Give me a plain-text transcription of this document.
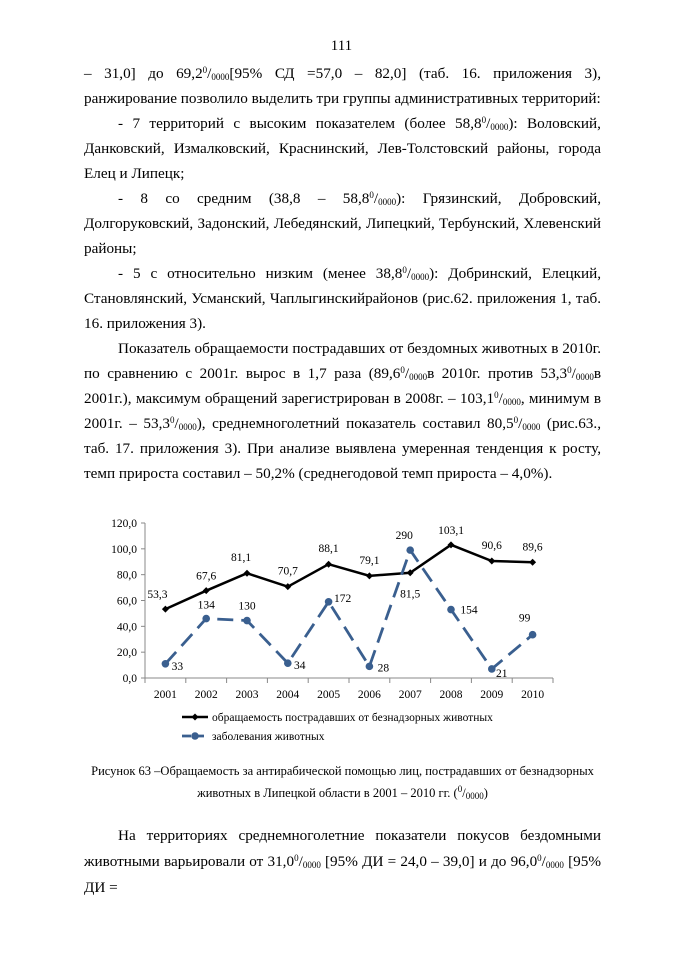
111

– 31,0] до $69,2^0/_{0000}[95\%$ СД =57,0 – 82,0] (таб. 16. приложения 3), ранжирование позволило выделить три группы административных территорий:

- 7 территорий с высоким показателем (более $58,8^0/_{0000}$): Воловский, Данковский, Измалковский, Краснинский, Лев-Толстовский районы, города Елец и Липецк;

- 8 со средним $(38,8 - 58,8^0/_{0000})$: Грязинский, Добровский, Долгоруковский, Задонский, Лебедянский, Липецкий, Тербунский, Хлевенский районы;

- 5 с относительно низким (менее $38,8^0/_{0000}$): Добринский, Елецкий, Становлянский, Усманский, Чаплыгинскийрайонов (рис.62. приложения 1, таб. 16. приложения 3).

Показатель обращаемости пострадавших от бездомных животных в 2010г. по сравнению с 2001г. вырос в 1,7 раза ($89,6^0/_{0000}в$ 2010г. против $53,3^0/_{0000}в$ 2001г.), максимум обращений зарегистрирован в 2008г. – $103,1^0/_{0000}$, минимум в 2001г. – $53,3^0/_{0000}$), среднемноголетний показатель составил $80,5^0/_{0000}$ (рис.63., таб. 17. приложения 3). При анализе выявлена умеренная тенденция к росту, темп прироста составил – 50,2% (среднегодовой темп прироста – 4,0%).

0,0
20,0
40,0
60,0
80,0
100,0
120,0
2001 2002 2003 2004 2005 2006 2007 2008 2009 2010
53,3
67,6
81,1
70,7
88,1
79,1
81,5
103,1
90,6 89,6
33
134 130
34
172
28
290
154
21
99
обращаемость пострадавших от безнадзорных животных
заболевания животных
Рисунок 63 –Обращаемость за антирабической помощью лиц, пострадавших от безнадзорных животных в Липецкой области в 2001 – 2010 гг. $(^0/_{0000})$

На территориях среднемноголетние показатели покусов бездомными животными варьировали от $31,0^0/_{0000}$ [95% ДИ = 24,0 – 39,0] и до $96,0^0/_{0000}$ [95% ДИ =
